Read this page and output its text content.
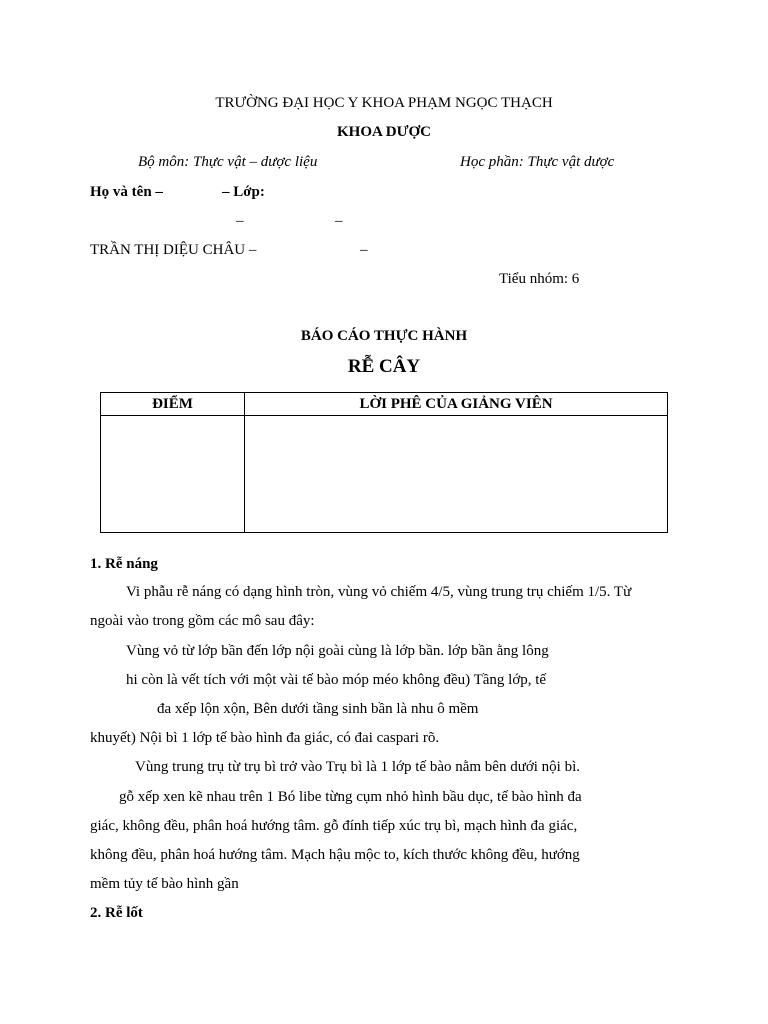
TRƯỜNG ĐẠI HỌC Y KHOA PHẠM NGỌC THẠCH
KHOA DƯỢC
Bộ môn: Thực vật – dược liệu	Học phần: Thực vật dược
Họ và tên –	– Lớp:
–	–
TRẦN THỊ DIỆU CHÂU –	–
Tiểu nhóm: 6
BÁO CÁO THỰC HÀNH
RỄ CÂY
ĐIỂM	LỜI PHÊ CỦA GIẢNG VIÊN

1. Rễ náng
Vi phẫu rễ náng có dạng hình tròn, vùng vỏ chiếm 4/5, vùng trung trụ chiếm 1/5. Từ
ngoài vào trong gồm các mô sau đây:
Vùng vỏ từ lớp bần đến lớp nội goài cùng là lớp bần. lớp bần ằng lông
hi còn là vết tích với một vài tế bào móp méo không đều) Tầng lớp, tế
đa xếp lộn xộn, Bên dưới tầng sinh bần là nhu ô mềm
khuyết) Nội bì 1 lớp tế bào hình đa giác, có đai caspari rõ.
Vùng trung trụ từ trụ bì trở vào Trụ bì là 1 lớp tế bào nằm bên dưới nội bì.
gỗ xếp xen kẽ nhau trên 1 Bó libe từng cụm nhỏ hình bầu dục, tế bào hình đa
giác, không đều, phân hoá hướng tâm. gỗ đính tiếp xúc trụ bì, mạch hình đa giác,
không đều, phân hoá hướng tâm. Mạch hậu mộc to, kích thước không đều, hướng
mềm tủy tế bào hình gần
2. Rễ lốt
